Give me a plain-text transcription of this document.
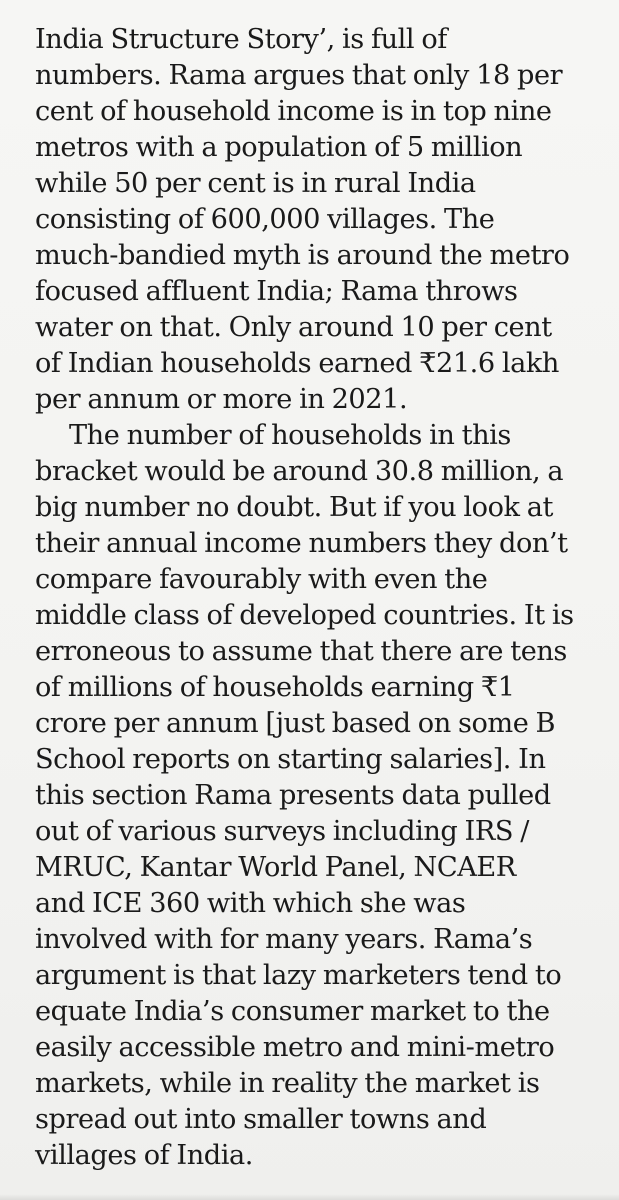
India Structure Story’, is full of
numbers. Rama argues that only 18 per
cent of household income is in top nine
metros with a population of 5 million
while 50 per cent is in rural India
consisting of 600,000 villages. The
much-bandied myth is around the metro
focused affluent India; Rama throws
water on that. Only around 10 per cent
of Indian households earned ₹21.6 lakh
per annum or more in 2021.
The number of households in this
bracket would be around 30.8 million, a
big number no doubt. But if you look at
their annual income numbers they don’t
compare favourably with even the
middle class of developed countries. It is
erroneous to assume that there are tens
of millions of households earning ₹1
crore per annum [just based on some B
School reports on starting salaries]. In
this section Rama presents data pulled
out of various surveys including IRS /
MRUC, Kantar World Panel, NCAER
and ICE 360 with which she was
involved with for many years. Rama’s
argument is that lazy marketers tend to
equate India’s consumer market to the
easily accessible metro and mini-metro
markets, while in reality the market is
spread out into smaller towns and
villages of India.
